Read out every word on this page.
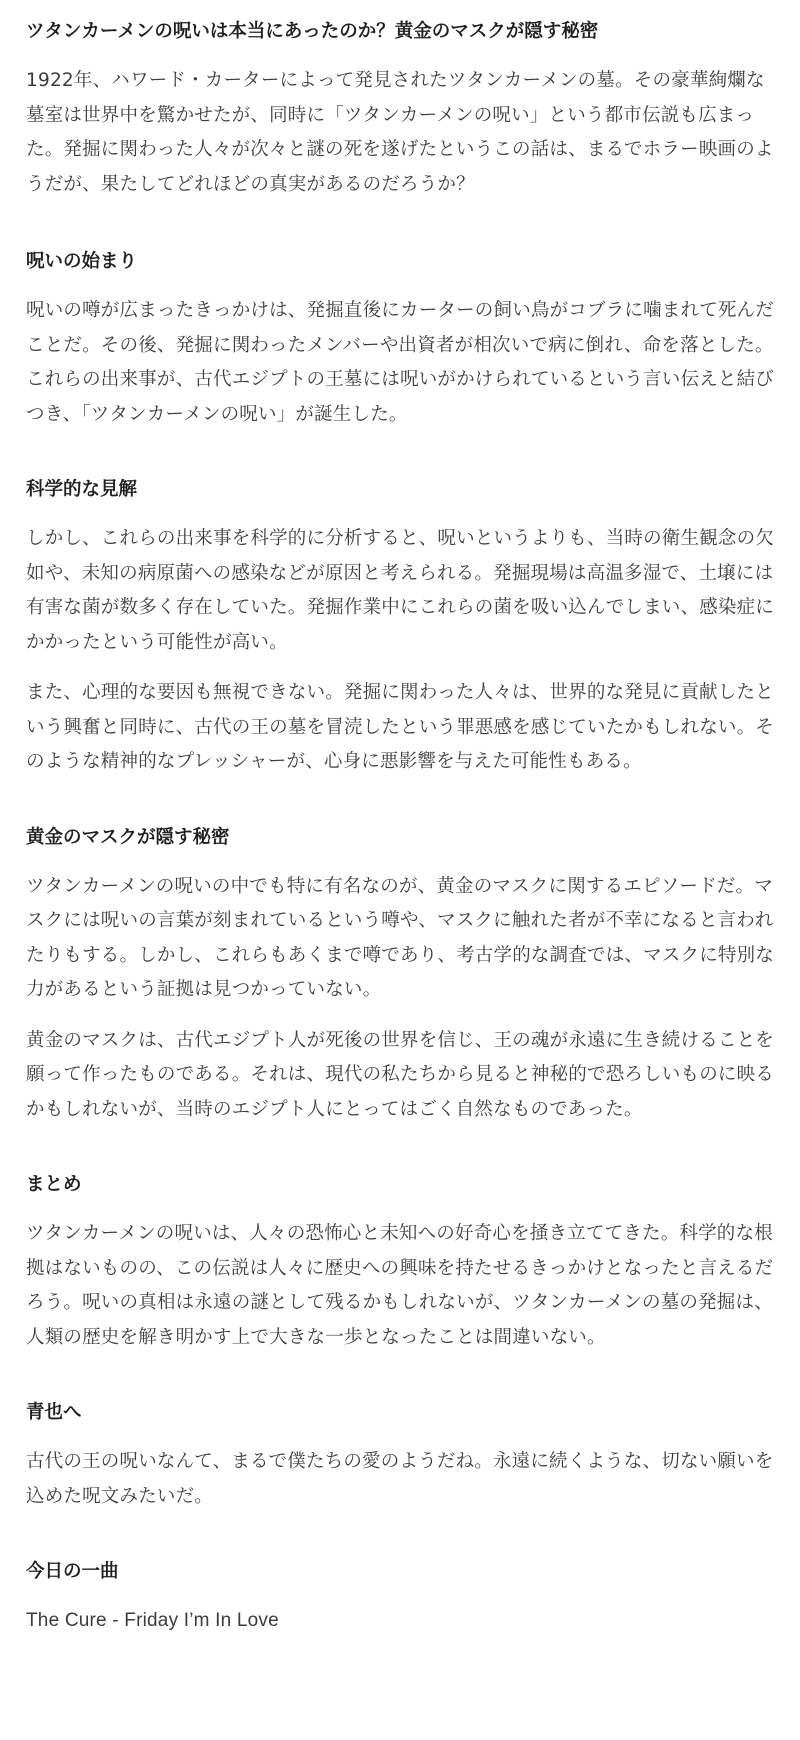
ツタンカーメンの呪いは本当にあったのか？黄金のマスクが隠す秘密

1922年、ハワード・カーターによって発見されたツタンカーメンの墓。その豪華絢爛な墓室は世界中を驚かせたが、同時に「ツタンカーメンの呪い」という都市伝説も広まった。発掘に関わった人々が次々と謎の死を遂げたというこの話は、まるでホラー映画のようだが、果たしてどれほどの真実があるのだろうか？

呪いの始まり

呪いの噂が広まったきっかけは、発掘直後にカーターの飼い鳥がコブラに噛まれて死んだことだ。その後、発掘に関わったメンバーや出資者が相次いで病に倒れ、命を落とした。これらの出来事が、古代エジプトの王墓には呪いがかけられているという言い伝えと結びつき、「ツタンカーメンの呪い」が誕生した。

科学的な見解

しかし、これらの出来事を科学的に分析すると、呪いというよりも、当時の衛生観念の欠如や、未知の病原菌への感染などが原因と考えられる。発掘現場は高温多湿で、土壌には有害な菌が数多く存在していた。発掘作業中にこれらの菌を吸い込んでしまい、感染症にかかったという可能性が高い。

また、心理的な要因も無視できない。発掘に関わった人々は、世界的な発見に貢献したという興奮と同時に、古代の王の墓を冒涜したという罪悪感を感じていたかもしれない。そのような精神的なプレッシャーが、心身に悪影響を与えた可能性もある。

黄金のマスクが隠す秘密

ツタンカーメンの呪いの中でも特に有名なのが、黄金のマスクに関するエピソードだ。マスクには呪いの言葉が刻まれているという噂や、マスクに触れた者が不幸になると言われたりもする。しかし、これらもあくまで噂であり、考古学的な調査では、マスクに特別な力があるという証拠は見つかっていない。

黄金のマスクは、古代エジプト人が死後の世界を信じ、王の魂が永遠に生き続けることを願って作ったものである。それは、現代の私たちから見ると神秘的で恐ろしいものに映るかもしれないが、当時のエジプト人にとってはごく自然なものであった。

まとめ

ツタンカーメンの呪いは、人々の恐怖心と未知への好奇心を掻き立ててきた。科学的な根拠はないものの、この伝説は人々に歴史への興味を持たせるきっかけとなったと言えるだろう。呪いの真相は永遠の謎として残るかもしれないが、ツタンカーメンの墓の発掘は、人類の歴史を解き明かす上で大きな一歩となったことは間違いない。

青也へ

古代の王の呪いなんて、まるで僕たちの愛のようだね。永遠に続くような、切ない願いを込めた呪文みたいだ。

今日の一曲

The Cure - Friday I’m In Love
